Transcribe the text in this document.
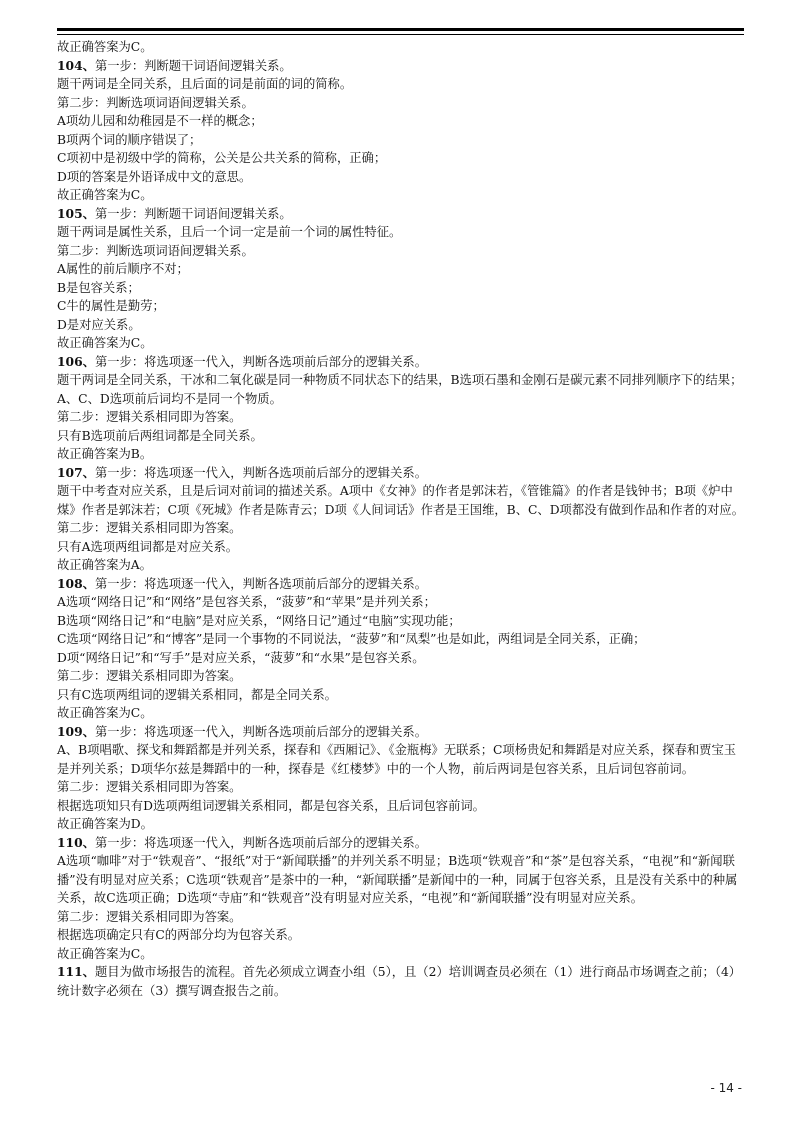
故正确答案为C。
104、第一步：判断题干词语间逻辑关系。
题干两词是全同关系，且后面的词是前面的词的简称。
第二步：判断选项词语间逻辑关系。
A项幼儿园和幼稚园是不一样的概念；
B项两个词的顺序错误了；
C项初中是初级中学的简称，公关是公共关系的简称，正确；
D项的答案是外语译成中文的意思。
故正确答案为C。
105、第一步：判断题干词语间逻辑关系。
题干两词是属性关系，且后一个词一定是前一个词的属性特征。
第二步：判断选项词语间逻辑关系。
A属性的前后顺序不对；
B是包容关系；
C牛的属性是勤劳；
D是对应关系。
故正确答案为C。
106、第一步：将选项逐一代入，判断各选项前后部分的逻辑关系。
题干两词是全同关系，干冰和二氧化碳是同一种物质不同状态下的结果，B选项石墨和金刚石是碳元素不同排列顺序下的结果；A、C、D选项前后词均不是同一个物质。
第二步：逻辑关系相同即为答案。
只有B选项前后两组词都是全同关系。
故正确答案为B。
107、第一步：将选项逐一代入，判断各选项前后部分的逻辑关系。
题干中考查对应关系，且是后词对前词的描述关系。A项中《女神》的作者是郭沫若，《管锥篇》的作者是钱钟书；B项《炉中煤》作者是郭沫若；C项《死城》作者是陈青云；D项《人间词话》作者是王国维，B、C、D项都没有做到作品和作者的对应。
第二步：逻辑关系相同即为答案。
只有A选项两组词都是对应关系。
故正确答案为A。
108、第一步：将选项逐一代入，判断各选项前后部分的逻辑关系。
A选项“网络日记”和“网络”是包容关系，“菠萝”和“苹果”是并列关系；
B选项“网络日记”和“电脑”是对应关系，“网络日记”通过“电脑”实现功能；
C选项“网络日记”和“博客”是同一个事物的不同说法，“菠萝”和“凤梨”也是如此，两组词是全同关系，正确；
D项“网络日记”和“写手”是对应关系，“菠萝”和“水果”是包容关系。
第二步：逻辑关系相同即为答案。
只有C选项两组词的逻辑关系相同，都是全同关系。
故正确答案为C。
109、第一步：将选项逐一代入，判断各选项前后部分的逻辑关系。
A、B项唱歌、探戈和舞蹈都是并列关系，探春和《西厢记》、《金瓶梅》无联系；C项杨贵妃和舞蹈是对应关系，探春和贾宝玉是并列关系；D项华尔兹是舞蹈中的一种，探春是《红楼梦》中的一个人物，前后两词是包容关系，且后词包容前词。
第二步：逻辑关系相同即为答案。
根据选项知只有D选项两组词逻辑关系相同，都是包容关系，且后词包容前词。
故正确答案为D。
110、第一步：将选项逐一代入，判断各选项前后部分的逻辑关系。
A选项“咖啡”对于“铁观音”、“报纸”对于“新闻联播”的并列关系不明显；B选项“铁观音”和“茶”是包容关系，“电视”和“新闻联播”没有明显对应关系；C选项“铁观音”是茶中的一种，“新闻联播”是新闻中的一种，同属于包容关系，且是没有关系中的种属关系，故C选项正确；D选项“寺庙”和“铁观音”没有明显对应关系，“电视”和“新闻联播”没有明显对应关系。
第二步：逻辑关系相同即为答案。
根据选项确定只有C的两部分均为包容关系。
故正确答案为C。
111、题目为做市场报告的流程。首先必须成立调查小组（5），且（2）培训调查员必须在（1）进行商品市场调查之前；（4）统计数字必须在（3）撰写调查报告之前。
- 14 -
